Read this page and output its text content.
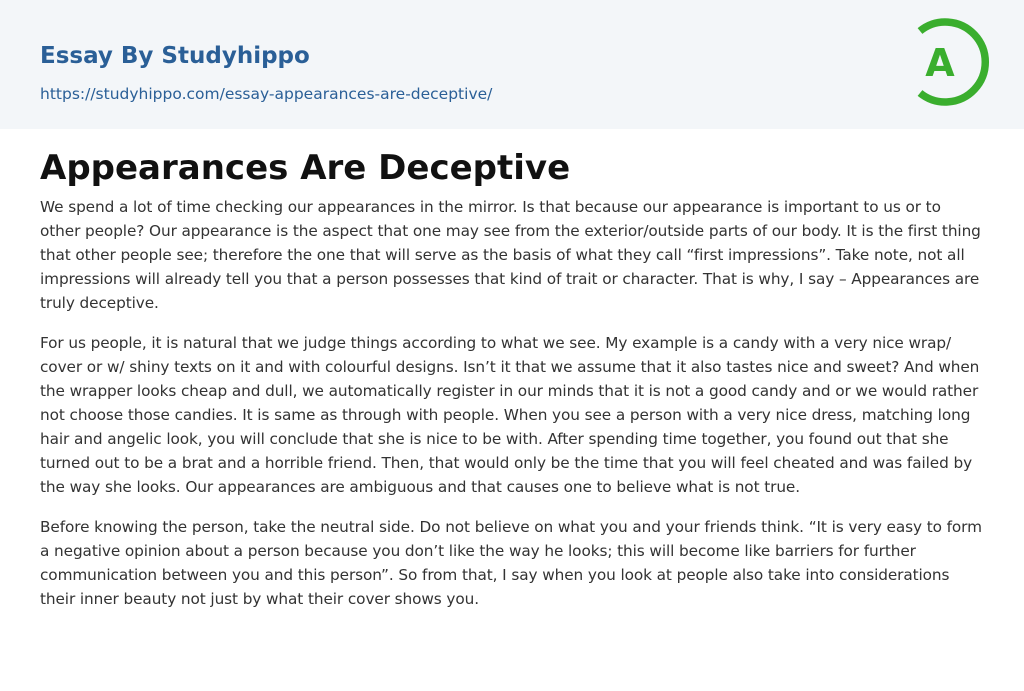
Essay By Studyhippo
https://studyhippo.com/essay-appearances-are-deceptive/
A
Appearances Are Deceptive

We spend a lot of time checking our appearances in the mirror. Is that because our appearance is important to us or to other people? Our appearance is the aspect that one may see from the exterior/outside parts of our body. It is the first thing that other people see; therefore the one that will serve as the basis of what they call “first impressions”. Take note, not all impressions will already tell you that a person possesses that kind of trait or character. That is why, I say – Appearances are truly deceptive.

For us people, it is natural that we judge things according to what we see. My example is a candy with a very nice wrap/ cover or w/ shiny texts on it and with colourful designs. Isn’t it that we assume that it also tastes nice and sweet? And when the wrapper looks cheap and dull, we automatically register in our minds that it is not a good candy and or we would rather not choose those candies. It is same as through with people. When you see a person with a very nice dress, matching long hair and angelic look, you will conclude that she is nice to be with. After spending time together, you found out that she turned out to be a brat and a horrible friend. Then, that would only be the time that you will feel cheated and was failed by the way she looks. Our appearances are ambiguous and that causes one to believe what is not true.

Before knowing the person, take the neutral side. Do not believe on what you and your friends think. “It is very easy to form a negative opinion about a person because you don’t like the way he looks; this will become like barriers for further communication between you and this person”. So from that, I say when you look at people also take into considerations their inner beauty not just by what their cover shows you.
